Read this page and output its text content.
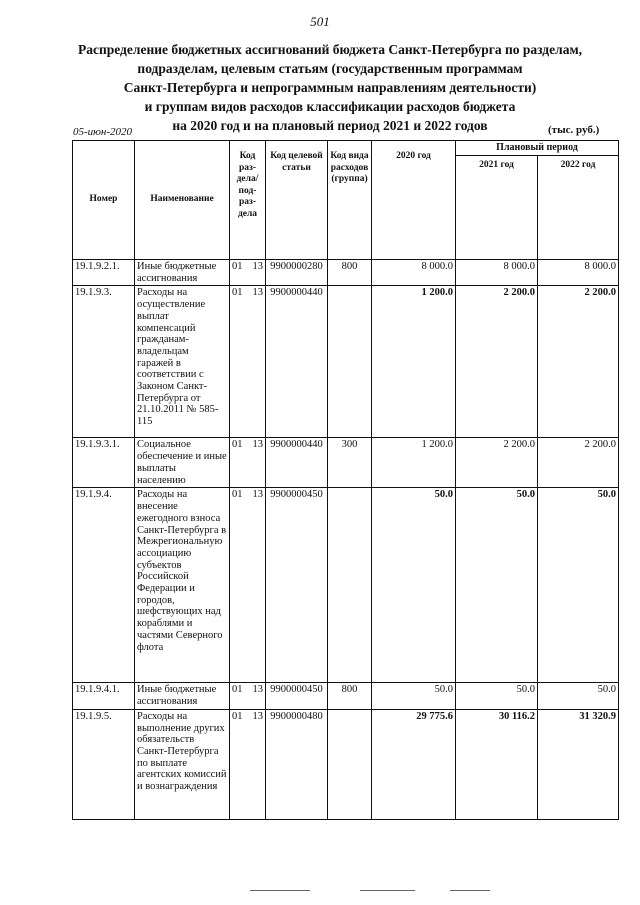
501
Распределение бюджетных ассигнований бюджета Санкт-Петербурга по разделам,
подразделам, целевым статьям (государственным программам
Санкт-Петербурга и непрограммным направлениям деятельности)
и группам видов расходов классификации расходов бюджета
на 2020 год и на плановый период 2021 и 2022 годов
05-июн-2020	(тыс. руб.)
Номер	Наименование	Код раз-дела/ под-раз-дела	Код целевой статьи	Код вида расходов (группа)	2020 год	Плановый период	
						2021 год	2022 год
19.1.9.2.1.	Иные бюджетные ассигнования	01 13	9900000280	800	8 000.0	8 000.0	8 000.0
19.1.9.3.	Расходы на осуществление выплат компенсаций гражданам-владельцам гаражей в соответствии с Законом Санкт-Петербурга от 21.10.2011 № 585-115	01 13	9900000440		1 200.0	2 200.0	2 200.0
19.1.9.3.1.	Социальное обеспечение и иные выплаты населению	01 13	9900000440	300	1 200.0	2 200.0	2 200.0
19.1.9.4.	Расходы на внесение ежегодного взноса Санкт-Петербурга в Межрегиональную ассоциацию субъектов Российской Федерации и городов, шефствующих над кораблями и частями Северного флота	01 13	9900000450		50.0	50.0	50.0
19.1.9.4.1.	Иные бюджетные ассигнования	01 13	9900000450	800	50.0	50.0	50.0
19.1.9.5.	Расходы на выполнение других обязательств Санкт-Петербурга по выплате агентских комиссий и вознаграждения	01 13	9900000480		29 775.6	30 116.2	31 320.9
